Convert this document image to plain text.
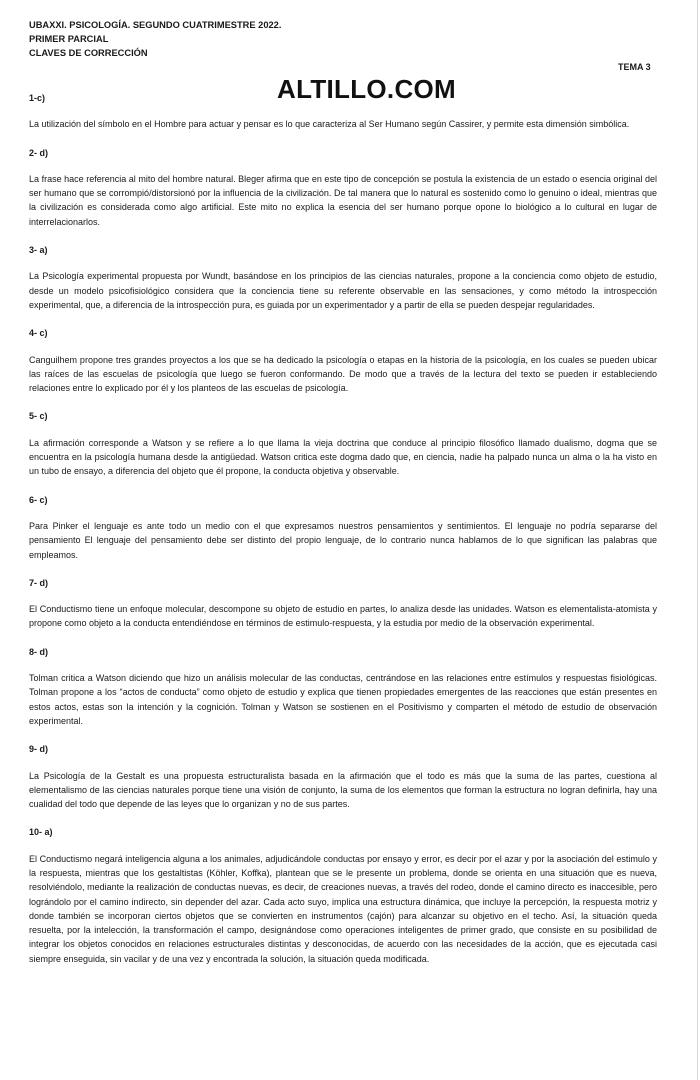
UBAXXI. PSICOLOGÍA. SEGUNDO CUATRIMESTRE 2022.
PRIMER PARCIAL
CLAVES DE CORRECCIÓN
TEMA 3
ALTILLO.COM

1-c)

La utilización del símbolo en el Hombre para actuar y pensar es lo que caracteriza al Ser Humano según Cassirer, y permite esta dimensión simbólica.

2- d)

La frase hace referencia al mito del hombre natural. Bleger afirma que en este tipo de concepción se postula la existencia de un estado o esencia original del ser humano que se corrompió/distorsionó por la influencia de la civilización. De tal manera que lo natural es sostenido como lo genuino o ideal, mientras que la civilización es considerada como algo artificial. Este mito no explica la esencia del ser humano porque opone lo biológico a lo cultural en lugar de interrelacionarlos.

3- a)

La Psicología experimental propuesta por Wundt, basándose en los principios de las ciencias naturales, propone a la conciencia como objeto de estudio, desde un modelo psicofisiológico considera que la conciencia tiene su referente observable en las sensaciones, y como método la introspección experimental, que, a diferencia de la introspección pura, es guiada por un experimentador y a partir de ella se pueden despejar regularidades.

4- c)

Canguilhem propone tres grandes proyectos a los que se ha dedicado la psicología o etapas en la historia de la psicología, en los cuales se pueden ubicar las raíces de las escuelas de psicología que luego se fueron conformando. De modo que a través de la lectura del texto se pueden ir estableciendo relaciones entre lo explicado por él y los planteos de las escuelas de psicología.

5- c)

La afirmación corresponde a Watson y se refiere a lo que llama la vieja doctrina que conduce al principio filosófico llamado dualismo, dogma que se encuentra en la psicología humana desde la antigüedad. Watson critica este dogma dado que, en ciencia, nadie ha palpado nunca un alma o la ha visto en un tubo de ensayo, a diferencia del objeto que él propone, la conducta objetiva y observable.

6- c)

Para Pinker el lenguaje es ante todo un medio con el que expresamos nuestros pensamientos y sentimientos. El lenguaje no podría separarse del pensamiento El lenguaje del pensamiento debe ser distinto del propio lenguaje, de lo contrario nunca hablamos de lo que significan las palabras que empleamos.

7- d)

El Conductismo tiene un enfoque molecular, descompone su objeto de estudio en partes, lo analiza desde las unidades. Watson es elementalista-atomista y propone como objeto a la conducta entendiéndose en términos de estimulo-respuesta, y la estudia por medio de la observación experimental.

8- d)

Tolman critica a Watson diciendo que hizo un análisis molecular de las conductas, centrándose en las relaciones entre estímulos y respuestas fisiológicas. Tolman propone a los “actos de conducta” como objeto de estudio y explica que tienen propiedades emergentes de las reacciones que están presentes en estos actos, estas son la intención y la cognición. Tolman y Watson se sostienen en el Positivismo y comparten el método de estudio de observación experimental.

9- d)

La Psicología de la Gestalt es una propuesta estructuralista basada en la afirmación que el todo es más que la suma de las partes, cuestiona al elementalismo de las ciencias naturales porque tiene una visión de conjunto, la suma de los elementos que forman la estructura no logran definirla, hay una cualidad del todo que depende de las leyes que lo organizan y no de sus partes.

10- a)

El Conductismo negará inteligencia alguna a los animales, adjudicándole conductas por ensayo y error, es decir por el azar y por la asociación del estimulo y la respuesta, mientras que los gestaltistas (Köhler, Koffka), plantean que se le presente un problema, donde se orienta en una situación que es nueva, resolviéndolo, mediante la realización de conductas nuevas, es decir, de creaciones nuevas, a través del rodeo, donde el camino directo es inaccesible, pero lográndolo por el camino indirecto, sin depender del azar. Cada acto suyo, implica una estructura dinámica, que incluye la percepción, la respuesta motriz y donde también se incorporan ciertos objetos que se convierten en instrumentos (cajón) para alcanzar su objetivo en el techo. Así, la situación queda resuelta, por la intelección, la transformación el campo, designándose como operaciones inteligentes de primer grado, que consiste en su posibilidad de integrar los objetos conocidos en relaciones estructurales distintas y desconocidas, de acuerdo con las necesidades de la acción, que es ejecutada casi siempre enseguida, sin vacilar y de una vez y encontrada la solución, la situación queda modificada.
